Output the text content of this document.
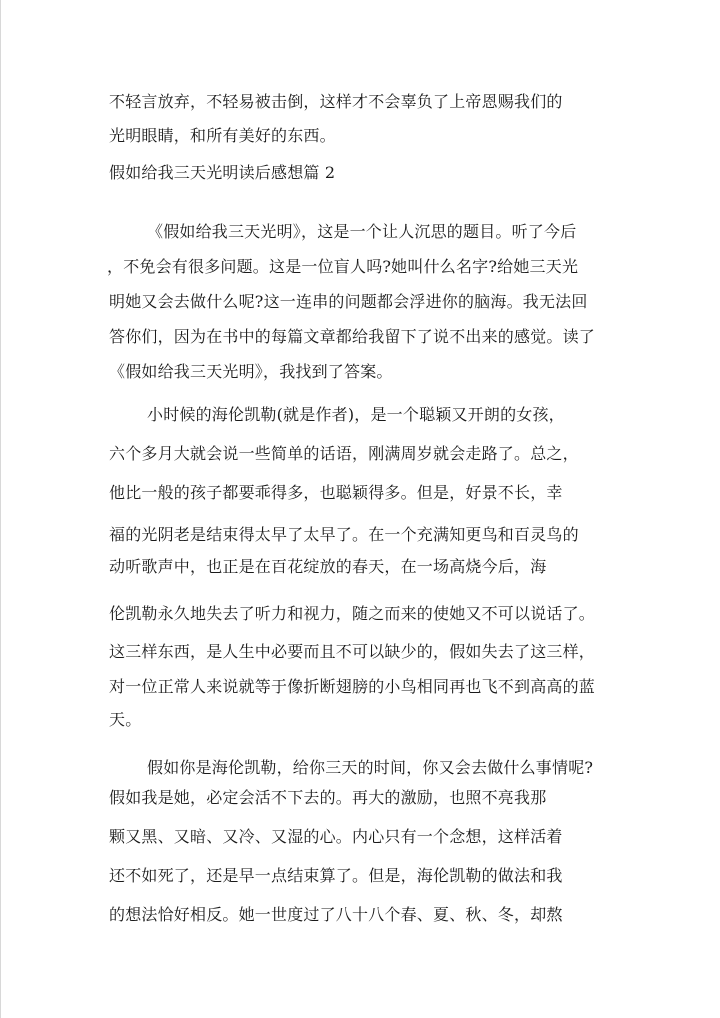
不轻言放弃，不轻易被击倒，这样才不会辜负了上帝恩赐我们的
光明眼睛，和所有美好的东西。
假如给我三天光明读后感想篇 2
《假如给我三天光明》，这是一个让人沉思的题目。听了今后
，不免会有很多问题。这是一位盲人吗?她叫什么名字?给她三天光
明她又会去做什么呢?这一连串的问题都会浮进你的脑海。我无法回
答你们，因为在书中的每篇文章都给我留下了说不出来的感觉。读了
《假如给我三天光明》，我找到了答案。
小时候的海伦凯勒(就是作者)，是一个聪颖又开朗的女孩，
六个多月大就会说一些简单的话语，刚满周岁就会走路了。总之，
他比一般的孩子都要乖得多，也聪颖得多。但是，好景不长，幸
福的光阴老是结束得太早了太早了。在一个充满知更鸟和百灵鸟的
动听歌声中，也正是在百花绽放的春天，在一场高烧今后，海
伦凯勒永久地失去了听力和视力，随之而来的使她又不可以说话了。
这三样东西，是人生中必要而且不可以缺少的，假如失去了这三样，
对一位正常人来说就等于像折断翅膀的小鸟相同再也飞不到高高的蓝
天。
假如你是海伦凯勒，给你三天的时间，你又会去做什么事情呢?
假如我是她，必定会活不下去的。再大的激励，也照不亮我那
颗又黑、又暗、又冷、又湿的心。内心只有一个念想，这样活着
还不如死了，还是早一点结束算了。但是，海伦凯勒的做法和我
的想法恰好相反。她一世度过了八十八个春、夏、秋、冬，却熬
